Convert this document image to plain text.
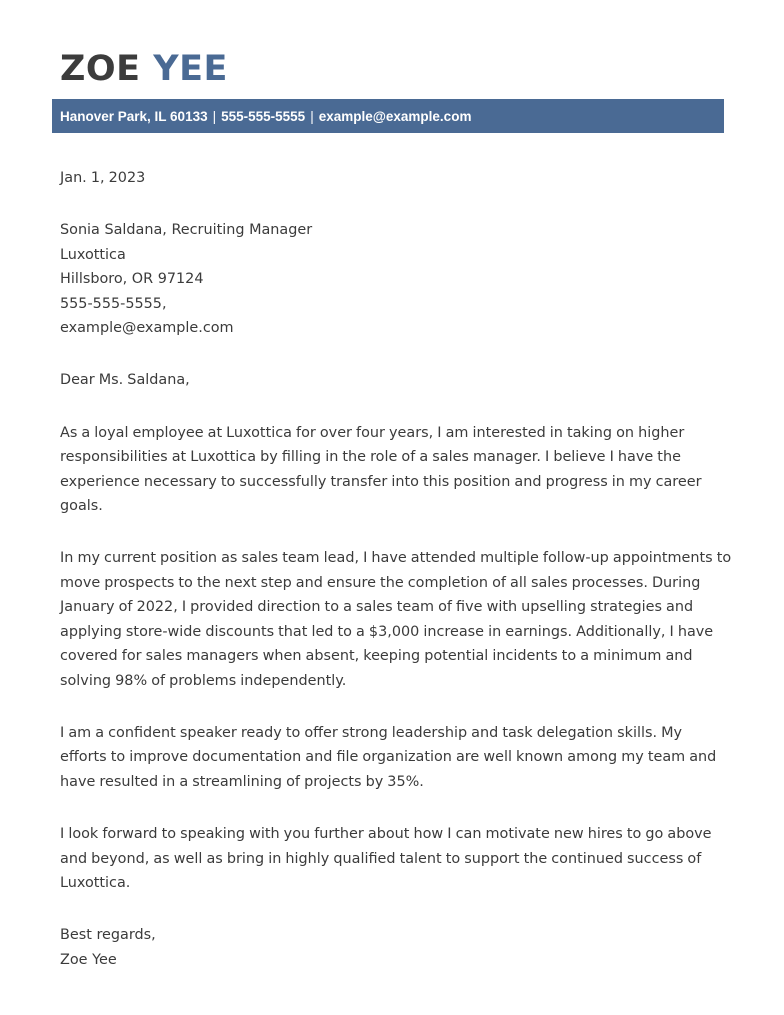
ZOE YEE
Hanover Park, IL 60133 | 555-555-5555 | example@example.com

Jan. 1, 2023

Sonia Saldana, Recruiting Manager
Luxottica
Hillsboro, OR 97124
555-555-5555,
example@example.com

Dear Ms. Saldana,

As a loyal employee at Luxottica for over four years, I am interested in taking on higher responsibilities at Luxottica by filling in the role of a sales manager. I believe I have the experience necessary to successfully transfer into this position and progress in my career goals.

In my current position as sales team lead, I have attended multiple follow-up appointments to move prospects to the next step and ensure the completion of all sales processes. During January of 2022, I provided direction to a sales team of five with upselling strategies and applying store-wide discounts that led to a $3,000 increase in earnings. Additionally, I have covered for sales managers when absent, keeping potential incidents to a minimum and solving 98% of problems independently.

I am a confident speaker ready to offer strong leadership and task delegation skills. My efforts to improve documentation and file organization are well known among my team and have resulted in a streamlining of projects by 35%.

I look forward to speaking with you further about how I can motivate new hires to go above and beyond, as well as bring in highly qualified talent to support the continued success of Luxottica.

Best regards,
Zoe Yee
